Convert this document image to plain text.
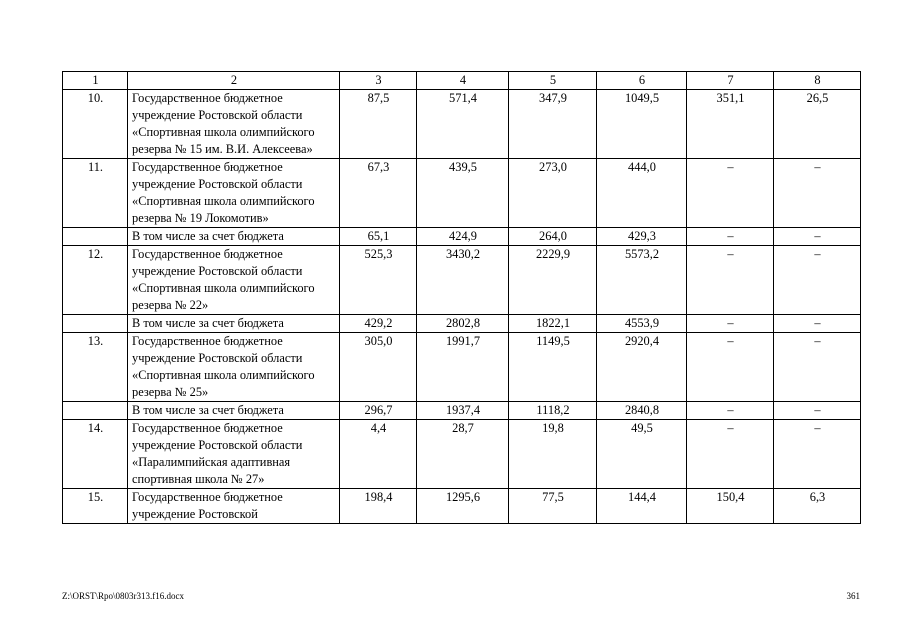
1	2	3	4	5	6	7	8
10.	Государственное бюджетное учреждение Ростовской области «Спортивная школа олимпийского резерва № 15 им. В.И. Алексеева»	87,5	571,4	347,9	1049,5	351,1	26,5
11.	Государственное бюджетное учреждение Ростовской области «Спортивная школа олимпийского резерва № 19 Локомотив»	67,3	439,5	273,0	444,0	–	–
	В том числе за счет бюджета	65,1	424,9	264,0	429,3	–	–
12.	Государственное бюджетное учреждение Ростовской области «Спортивная школа олимпийского резерва № 22»	525,3	3430,2	2229,9	5573,2	–	–
	В том числе за счет бюджета	429,2	2802,8	1822,1	4553,9	–	–
13.	Государственное бюджетное учреждение Ростовской области «Спортивная школа олимпийского резерва № 25»	305,0	1991,7	1149,5	2920,4	–	–
	В том числе за счет бюджета	296,7	1937,4	1118,2	2840,8	–	–
14.	Государственное бюджетное учреждение Ростовской области «Паралимпийская адаптивная спортивная школа № 27»	4,4	28,7	19,8	49,5	–	–
15.	Государственное бюджетное учреждение Ростовской	198,4	1295,6	77,5	144,4	150,4	6,3
Z:\ORST\Rpo\0803r313.f16.docx	361
